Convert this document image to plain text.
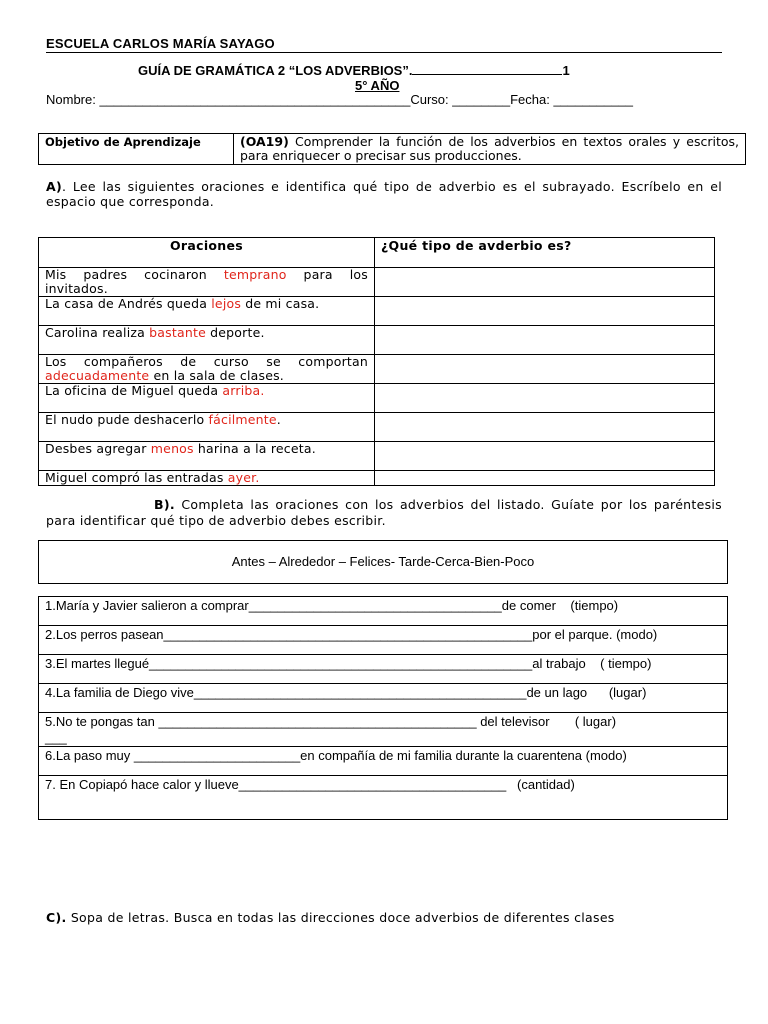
ESCUELA CARLOS MARÍA SAYAGO
GUÍA DE GRAMÁTICA 2 “LOS ADVERBIOS”.	1
5° AÑO
Nombre: ___________________________________________Curso: ________Fecha: ___________
Objetivo de Aprendizaje	(OA19) Comprender la función de los adverbios en textos orales y escritos, para enriquecer o precisar sus producciones.
A). Lee las siguientes oraciones e identifica qué tipo de adverbio es el subrayado. Escríbelo en el espacio que corresponda.
Oraciones	¿Qué tipo de avderbio es?
Mis padres cocinaron temprano para los invitados.	
La casa de Andrés queda lejos de mi casa.	
Carolina realiza bastante deporte.	
Los compañeros de curso se comportan adecuadamente en la sala de clases.	
La oficina de Miguel queda arriba.	
El nudo pude deshacerlo fácilmente.	
Desbes agregar menos harina a la receta.	
Miguel compró las entradas ayer.	
B). Completa las oraciones con los adverbios del listado. Guíate por los paréntesis para identificar qué tipo de adverbio debes escribir.
Antes – Alrededor – Felices- Tarde-Cerca-Bien-Poco
1.María y Javier salieron a comprar___________________________________de comer    (tiempo)
2.Los perros pasean___________________________________________________por el parque. (modo)
3.El martes llegué_____________________________________________________al trabajo    ( tiempo)
4.La familia de Diego vive______________________________________________de un lago      (lugar)
5.No te pongas tan ____________________________________________ del televisor       ( lugar)
___
6.La paso muy _______________________en compañía de mi familia durante la cuarentena (modo)
7. En Copiapó hace calor y llueve_____________________________________   (cantidad)
C). Sopa de letras. Busca en todas las direcciones doce adverbios de diferentes clases
